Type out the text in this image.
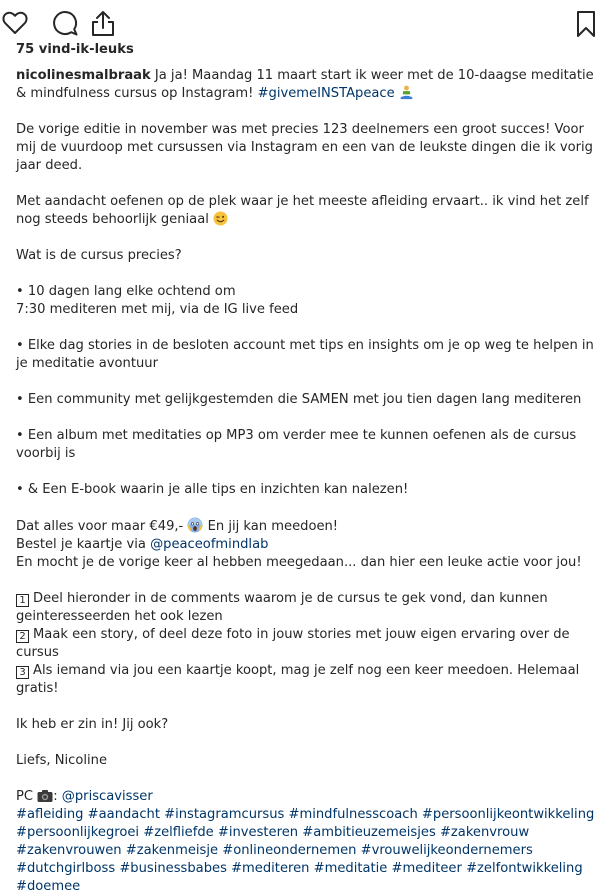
75 vind-ik-leuks
nicolinesmalbraak Ja ja! Maandag 11 maart start ik weer met de 10-daagse meditatie & mindfulness cursus op Instagram! #givemeINSTApeace
De vorige editie in november was met precies 123 deelnemers een groot succes! Voor mij de vuurdoop met cursussen via Instagram en een van de leukste dingen die ik vorig jaar deed.
Met aandacht oefenen op de plek waar je het meeste afleiding ervaart.. ik vind het zelf nog steeds behoorlijk geniaal
Wat is de cursus precies?
• 10 dagen lang elke ochtend om
7:30 mediteren met mij, via de IG live feed
• Elke dag stories in de besloten account met tips en insights om je op weg te helpen in je meditatie avontuur
• Een community met gelijkgestemden die SAMEN met jou tien dagen lang mediteren
• Een album met meditaties op MP3 om verder mee te kunnen oefenen als de cursus voorbij is
• & Een E-book waarin je alle tips en inzichten kan nalezen!
Dat alles voor maar €49,-  En jij kan meedoen!
Bestel je kaartje via @peaceofmindlab
En mocht je de vorige keer al hebben meegedaan... dan hier een leuke actie voor jou!
1 Deel hieronder in de comments waarom je de cursus te gek vond, dan kunnen geinteresseerden het ook lezen
2 Maak een story, of deel deze foto in jouw stories met jouw eigen ervaring over de cursus
3 Als iemand via jou een kaartje koopt, mag je zelf nog een keer meedoen. Helemaal gratis!
Ik heb er zin in! Jij ook?
Liefs, Nicoline
PC : @priscavisser
#afleiding #aandacht #instagramcursus #mindfulnesscoach #persoonlijkeontwikkeling #persoonlijkegroei #zelfliefde #investeren #ambitieuzemeisjes #zakenvrouw #zakenvrouwen #zakenmeisje #onlineondernemen #vrouwelijkeondernemers #dutchgirlboss #businessbabes #mediteren #meditatie #mediteer #zelfontwikkeling #doemee
